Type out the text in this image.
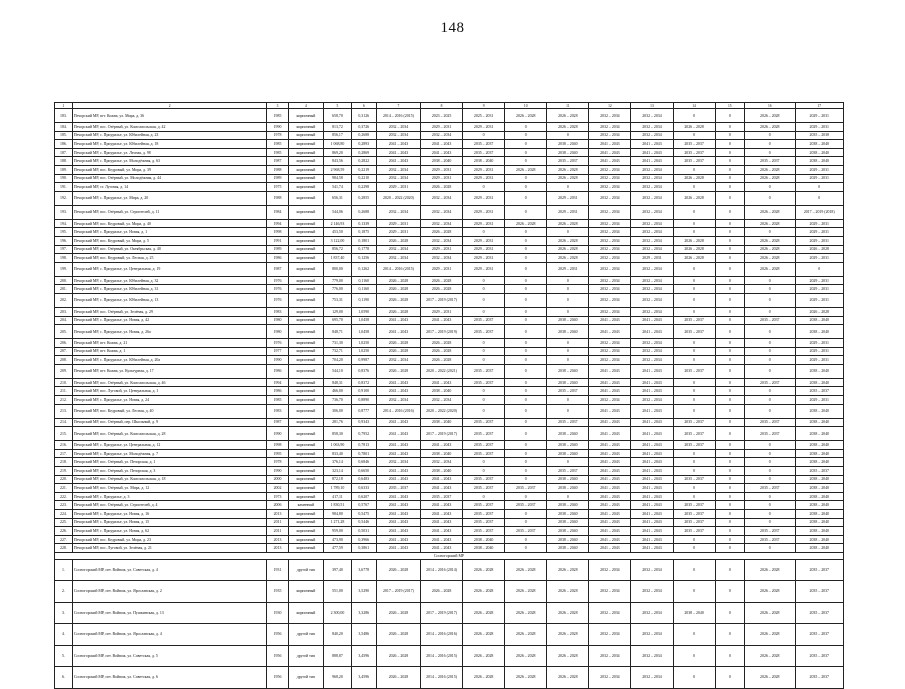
148
1	2	3	4	5	6	7	8	9	10	11	12	13	14	15	16	17
183.	Печорский МР, пгт. Кожва, ул. Мира, д. 36	1985	кирпичный	658,70	0,3126	2014 – 2016 (2015)	2023 – 2025	2025 – 2031	2026 – 2028	2026 – 2028	2032 – 2034	2032 – 2034	0	0	2026 – 2028	2029 – 2031
184.	Печорский МР, пос. Озёрный, ул. Комсомольская, д. 42	1990	кирпичный	813,72	0,3726	2032 – 2034	2029 – 2031	2029 – 2031	0	2026 – 2028	2032 – 2034	2032 – 2034	2026 – 2028	0	2026 – 2028	2029 – 2031
185.	Печорский МР, с. Приуралье, ул. Юбилейная, д. 23	1978	кирпичный	856,17	0,2688	2032 – 2034	2032 – 2034	0	0	0	2032 – 2034	2032 – 2034	0	0	0	2035 – 2038
186.	Печорский МР, с. Приуралье, ул. Юбилейная, д. 18	1985	кирпичный	1 068,80	0,2893	2041 – 2043	2041 – 2043	2035 – 2037	0	2038 – 2040	2041 – 2043	2041 – 2043	2035 – 2037	0	0	2038 – 2040
187.	Печорский МР, с. Приуралье, ул. Лесная, д. 98	1985	кирпичный	869,20	0,2869	2041 – 2043	2041 – 2043	2035 – 2037	0	2038 – 2040	2041 – 2043	2041 – 2043	2035 – 2037	0	0	2038 – 2040
188.	Печорский МР, с. Приуралье, ул. Молодёжная, д. 63	1987	кирпичный	843,56	0,2822	2041 – 2043	2038 – 2040	2038 – 2040	0	2035 – 2037	2041 – 2043	2041 – 2043	2035 – 2037	0	2035 – 2037	2038 – 2040
189.	Печорский МР, пос. Кедровый, ул. Мира, д. 39	1988	кирпичный	2 968,59	0,2219	2032 – 2034	2029 – 2031	2029 – 2031	2026 – 2028	2026 – 2028	2032 – 2034	2032 – 2034	0	0	2026 – 2028	2029 – 2031
190.	Печорский МР, пос. Озёрный, ул. Молодёжная, д. 44	1989	кирпичный	984,58	0,2210	2032 – 2034	2029 – 2031	2029 – 2031	0	2026 – 2028	2032 – 2034	2032 – 2034	2026 – 2028	0	2026 – 2028	2029 – 2031
191.	Печорский МР, ст. Луговая, д. 14	1975	кирпичный	541,74	0,2298	2029 – 2031	2026 – 2028	0	0	0	2032 – 2034	2032 – 2034	0	0	0	0
192.	Печорский МР, с. Приуралье, ул. Мира, д. 20	1988	кирпичный	656,31	0,2855	2020 – 2022 (2020)	2032 – 2034	2029 – 2031	0	2029 – 2031	2032 – 2034	2032 – 2034	2026 – 2028	0	0	0
193.	Печорский МР, пос. Озёрный, ул. Строителей, д. 11	1984	кирпичный	544,06	0,2688	2032 – 2034	2032 – 2034	2029 – 2031	0	2029 – 2031	2032 – 2034	2032 – 2034	0	0	2026 – 2028	2017 – 2019 (2018)
194.	Печорский МР, пос. Кедровый, ул. Мира, д. 40	1994	кирпичный	2 146,93	0,1339	2029 – 2031	2032 – 2034	2029 – 2031	2026 – 2028	2026 – 2028	2032 – 2034	2032 – 2034	0	0	2026 – 2028	2029 – 2031
195.	Печорский МР, с. Приуралье, ул. Новая, д. 1	1998	кирпичный	453,50	0,1875	2029 – 2031	2026 – 2028	0	0	0	2032 – 2034	2032 – 2034	0	0	0	2029 – 2031
196.	Печорский МР, пос. Кедровый, ул. Мира, д. 5	1991	кирпичный	3 122,00	0,1801	2026 – 2028	2032 – 2034	2029 – 2031	0	2026 – 2028	2032 – 2034	2032 – 2034	2026 – 2028	0	2026 – 2028	2029 – 2031
197.	Печорский МР, пос. Озёрный, ул. Октябрьская, д. 40	1989	кирпичный	856,72	0,1778	2032 – 2034	2029 – 2031	2029 – 2031	0	2026 – 2028	2032 – 2034	2032 – 2034	2026 – 2028	0	2026 – 2028	2026 – 2028
198.	Печорский МР, пос. Кедровый, ул. Лесная, д. 25	1986	кирпичный	1 837,40	0,1256	2032 – 2034	2032 – 2034	2029 – 2031	0	2026 – 2028	2032 – 2034	2029 – 2031	2026 – 2028	0	2026 – 2028	2029 – 2031
199.	Печорский МР, с. Приуралье, ул. Центральная, д. 19	1987	кирпичный	800,00	0,1262	2014 – 2016 (2015)	2029 – 2031	2029 – 2031	0	2029 – 2031	2032 – 2034	2032 – 2034	0	0	2026 – 2028	0
200.	Печорский МР, с. Приуралье, ул. Юбилейная, д. 32	1976	кирпичный	779,00	0,1160	2026 – 2028	2026 – 2028	0	0	0	2032 – 2034	2032 – 2034	0	0	0	2029 – 2031
201.	Печорский МР, с. Приуралье, ул. Юбилейная, д. 31	1976	кирпичный	776,00	0,1160	2026 – 2028	2026 – 2028	0	0	0	2032 – 2034	2032 – 2034	0	0	0	2029 – 2031
202.	Печорский МР, с. Приуралье, ул. Юбилейная, д. 13	1976	кирпичный	753,31	0,1190	2026 – 2028	2017 – 2019 (2017)	0	0	0	2032 – 2034	2032 – 2034	0	0	0	2029 – 2031
203.	Печорский МР, пос. Озёрный, ул. Зелёная, д. 29	1983	кирпичный	129,00	1,0590	2026 – 2028	2029 – 2031	0	0	0	2032 – 2034	2032 – 2034	0	0	0	2026 – 2028
204.	Печорский МР, с. Приуралье, ул. Новая, д. 42	1980	кирпичный	695,70	1,0458	2041 – 2043	2041 – 2043	2035 – 2037	0	2038 – 2040	2041 – 2043	2041 – 2043	2035 – 2037	0	2035 – 2037	2038 – 2040
205.	Печорский МР, с. Приуралье, ул. Новая, д. 26а	1980	кирпичный	848,71	1,0458	2041 – 2043	2017 – 2019 (2019)	2035 – 2037	0	2038 – 2040	2041 – 2043	2041 – 2043	2035 – 2037	0	0	2038 – 2040
206.	Печорский МР, пгт. Кожва, д. 21	1976	кирпичный	731,30	1,0250	2026 – 2028	2026 – 2028	0	0	0	2032 – 2034	2032 – 2034	0	0	0	2029 – 2031
207.	Печорский МР, пгт. Кожва, д. 1	1977	кирпичный	732,71	1,0250	2026 – 2028	2026 – 2028	0	0	0	2032 – 2034	2032 – 2034	0	0	0	2029 – 2031
208.	Печорский МР, с. Приуралье, ул. Юбилейная, д. 20а	1990	кирпичный	704,20	0,9987	2032 – 2034	2026 – 2028	0	0	0	2032 – 2034	2032 – 2034	0	0	0	2029 – 2031
209.	Печорский МР, пгт. Кожва, ул. Культурная, д. 17	1986	кирпичный	544,10	0,8376	2026 – 2028	2020 – 2022 (2021)	2035 – 2037	0	2038 – 2040	2041 – 2043	2041 – 2043	2035 – 2037	0	0	2038 – 2040
210.	Печорский МР, пос. Озёрный, ул. Комсомольская, д. 46	1994	кирпичный	848,31	0,8372	2041 – 2043	2041 – 2043	2035 – 2037	0	2038 – 2040	2041 – 2043	2041 – 2043	0	0	2035 – 2037	2038 – 2040
211.	Печорский МР, пос. Луговой, ул. Центральная, д. 1	1986	кирпичный	466,00	0,9100	2041 – 2043	2038 – 2040	0	0	2035 – 2037	2041 – 2043	2041 – 2043	0	0	0	2035 – 2037
212.	Печорский МР, с. Приуралье, ул. Новая, д. 24	1985	кирпичный	736,70	0,8890	2032 – 2034	2032 – 2034	0	0	0	2032 – 2034	2032 – 2034	0	0	0	2029 – 2031
213.	Печорский МР, пос. Кедровый, ул. Лесная, д. 40	1983	кирпичный	306,00	0,8777	2014 – 2016 (2016)	2020 – 2022 (2020)	0	0	0	2041 – 2043	2041 – 2043	0	0	0	2038 – 2040
214.	Печорский МР, пос. Озёрный, пер. Школьный, д. 9	1987	кирпичный	281,76	0,9343	2041 – 2043	2038 – 2040	2035 – 2037	0	2035 – 2037	2041 – 2043	2041 – 2043	2035 – 2037	0	2035 – 2037	2038 – 2040
215.	Печорский МР, пос. Озёрный, ул. Комсомольская, д. 28	1990	кирпичный	858,30	0,7952	2041 – 2043	2017 – 2019 (2017)	2035 – 2037	0	2038 – 2040	2041 – 2043	2041 – 2043	2035 – 2037	0	2035 – 2037	2038 – 2040
216.	Печорский МР, с. Приуралье, ул. Центральная, д. 12	1998	кирпичный	1 063,90	0,7813	2041 – 2043	2041 – 2043	2035 – 2037	0	2038 – 2040	2041 – 2043	2041 – 2043	2035 – 2037	0	0	2038 – 2040
217.	Печорский МР, с. Приуралье, ул. Молодёжная, д. 7	1995	кирпичный	833,40	0,7801	2041 – 2043	2038 – 2040	2035 – 2037	0	2038 – 2040	2041 – 2043	2041 – 2043	0	0	0	2038 – 2040
218.	Печорский МР, пос. Озёрный, ул. Печорская, д. 1	1978	кирпичный	376,14	0,6846	2032 – 2034	2032 – 2034	0	0	0	2041 – 2043	2041 – 2043	0	0	0	2038 – 2040
219.	Печорский МР, пос. Озёрный, ул. Печорская, д. 3	1990	кирпичный	323,14	0,6650	2041 – 2043	2038 – 2040	0	0	2035 – 2037	2041 – 2043	2041 – 2043	0	0	0	2035 – 2037
220.	Печорский МР, пос. Озёрный, ул. Комсомольская, д. 18	2000	кирпичный	872,18	0,6483	2041 – 2043	2041 – 2043	2035 – 2037	0	2038 – 2040	2041 – 2043	2041 – 2043	2035 – 2037	0	0	2038 – 2040
221.	Печорский МР, пос. Озёрный, ул. Мира, д. 12	2002	кирпичный	1 789,10	0,6333	2035 – 2037	2041 – 2043	2035 – 2037	2035 – 2037	2038 – 2040	2041 – 2043	2041 – 2043	0	0	2035 – 2037	2038 – 2040
222.	Печорский МР, с. Приуралье, д. 3	1973	кирпичный	417,11	0,6207	2041 – 2043	2035 – 2037	0	0	0	2041 – 2043	2041 – 2043	0	0	0	2038 – 2040
223.	Печорский МР, пос. Озёрный, ул. Строителей, д. 4	2006	каменный	1 830,51	0,5767	2041 – 2043	2041 – 2043	2035 – 2037	2035 – 2037	2038 – 2040	2041 – 2043	2041 – 2043	2035 – 2037	0	0	2038 – 2040
224.	Печорский МР, с. Приуралье, ул. Новая, д. 16	2013	кирпичный	984,80	0,5475	2041 – 2043	2041 – 2043	2035 – 2037	0	2038 – 2040	2041 – 2043	2041 – 2043	2035 – 2037	0	0	2038 – 2040
225.	Печорский МР, с. Приуралье, ул. Новая, д. 15	2011	кирпичный	1 271,28	0,5446	2041 – 2043	2041 – 2043	2035 – 2037	0	2038 – 2040	2041 – 2043	2041 – 2043	2035 – 2037	0	0	2038 – 2040
226.	Печорский МР, с. Приуралье, ул. Новая, д. 62	2011	кирпичный	959,00	0,5031	2041 – 2043	2041 – 2043	2035 – 2037	2035 – 2037	2038 – 2040	2041 – 2043	2041 – 2043	2035 – 2037	0	2035 – 2037	2038 – 2040
227.	Печорский МР, пос. Кедровый, ул. Мира, д. 23	2013	кирпичный	473,90	0,3966	2041 – 2043	2041 – 2043	2038 – 2040	0	2038 – 2040	2041 – 2043	2041 – 2043	0	0	2035 – 2037	2038 – 2040
228.	Печорский МР, пос. Луговой, ул. Зелёная, д. 21	2013	кирпичный	477,59	0,3861	2041 – 2043	2041 – 2043	2038 – 2040	0	2038 – 2040	2041 – 2043	2041 – 2043	0	0	0	2038 – 2040
Сосногорский МР																
1.	Сосногорский МР, пгт. Войвож, ул. Советская, д. 4	1931	другой тип	397,40	3,6778	2026 – 2028	2014 – 2016 (2014)	2026 – 2028	2026 – 2028	2026 – 2028	2032 – 2034	2032 – 2034	0	0	2026 – 2028	2035 – 2037
2.	Сосногорский МР, пгт. Войвож, ул. Ярославская, д. 2	1935	кирпичный	551,00	3,5290	2017 – 2019 (2017)	2026 – 2028	2026 – 2028	2026 – 2028	2026 – 2028	2032 – 2034	2032 – 2034	0	0	2026 – 2028	2035 – 2037
3.	Сосногорский МР, пгт. Войвож, ул. Пушкинская, д. 13	1930	кирпичный	2 300,00	3,3286	2026 – 2028	2017 – 2019 (2017)	2026 – 2028	2026 – 2028	2026 – 2028	2032 – 2034	2032 – 2034	2038 – 2040	0	2026 – 2028	2035 – 2037
4.	Сосногорский МР, пгт. Войвож, ул. Ярославская, д. 4	1956	другой тип	840,20	3,5486	2026 – 2028	2014 – 2016 (2016)	2026 – 2028	2026 – 2028	2026 – 2028	2032 – 2034	2032 – 2034	0	0	2026 – 2028	2035 – 2037
5.	Сосногорский МР, пгт. Войвож, ул. Советская, д. 5	1956	другой тип	888,87	3,4596	2026 – 2028	2014 – 2016 (2015)	2026 – 2028	2026 – 2028	2026 – 2028	2032 – 2034	2032 – 2034	0	0	2026 – 2028	2035 – 2037
6.	Сосногорский МР, пгт. Войвож, ул. Советская, д. 6	1956	другой тип	968,20	3,4596	2026 – 2028	2014 – 2016 (2015)	2026 – 2028	2026 – 2028	2026 – 2028	2032 – 2034	2032 – 2034	0	0	2026 – 2028	2035 – 2037
